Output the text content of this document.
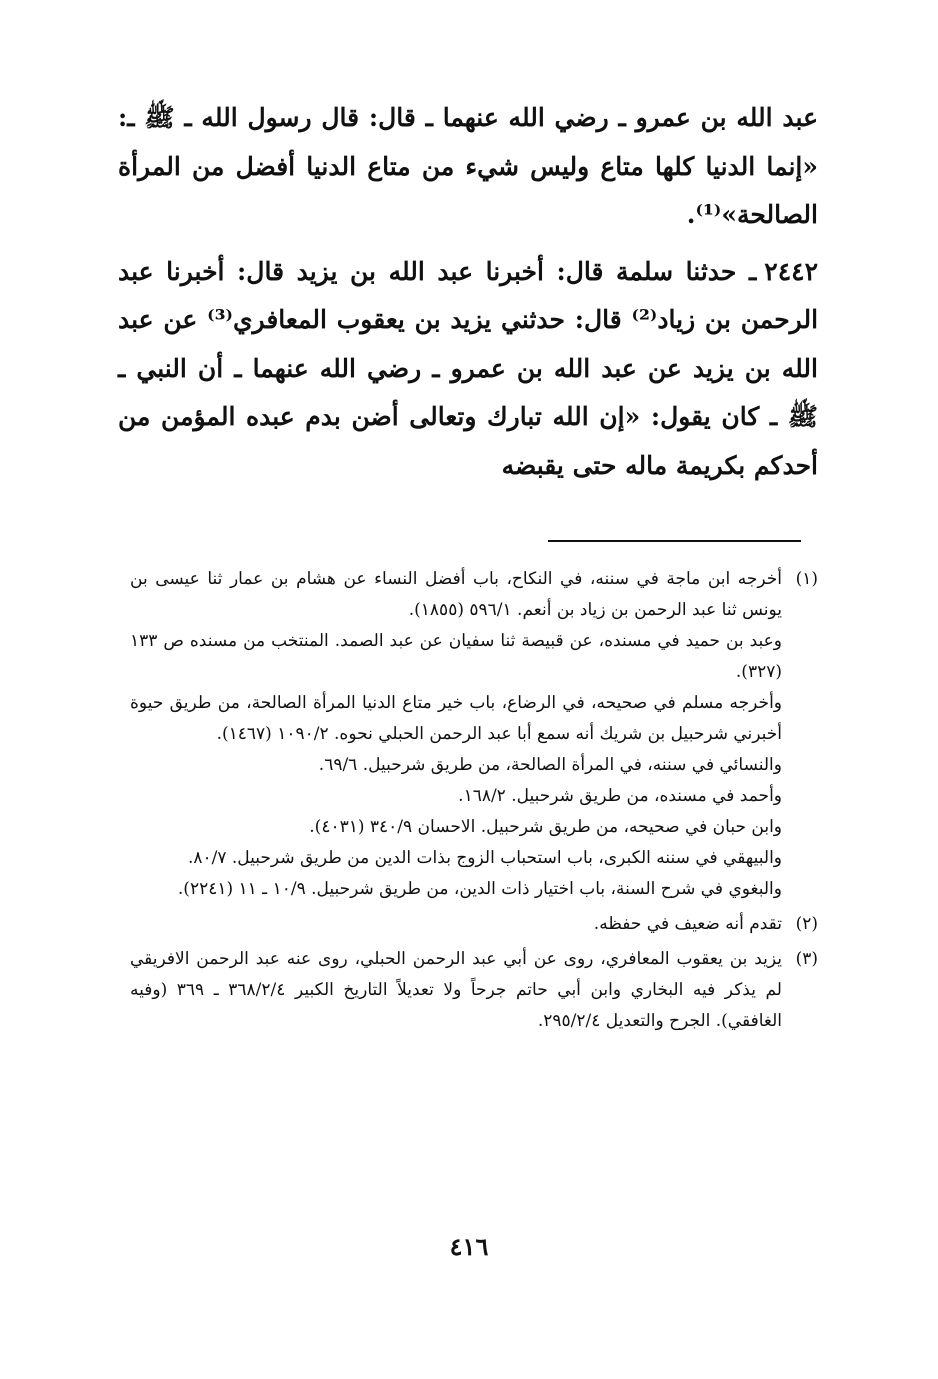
عبد الله بن عمرو ـ رضي الله عنهما ـ قال: قال رسول الله ـ ﷺ ـ: «إنما الدنيا كلها متاع وليس شيء من متاع الدنيا أفضل من المرأة الصالحة»⁽¹⁾.

٢٤٤٢ـ حدثنا سلمة قال: أخبرنا عبد الله بن يزيد قال: أخبرنا عبد الرحمن بن زياد⁽²⁾ قال: حدثني يزيد بن يعقوب المعافري⁽³⁾ عن عبد الله بن يزيد عن عبد الله بن عمرو ـ رضي الله عنهما ـ أن النبي ـ ﷺ ـ كان يقول: «إن الله تبارك وتعالى أضن بدم عبده المؤمن من أحدكم بكريمة ماله حتى يقبضه

(١)

أخرجه ابن ماجة في سننه، في النكاح، باب أفضل النساء عن هشام بن عمار ثنا عيسى بن يونس ثنا عبد الرحمن بن زياد بن أنعم. ٥٩٦/١ (١٨٥٥).

وعبد بن حميد في مسنده، عن قبيصة ثنا سفيان عن عبد الصمد. المنتخب من مسنده ص ١٣٣ (٣٢٧).

وأخرجه مسلم في صحيحه، في الرضاع، باب خير متاع الدنيا المرأة الصالحة، من طريق حيوة أخبرني شرحبيل بن شريك أنه سمع أبا عبد الرحمن الحبلي نحوه. ١٠٩٠/٢ (١٤٦٧).

والنسائي في سننه، في المرأة الصالحة، من طريق شرحبيل. ٦٩/٦.

وأحمد في مسنده، من طريق شرحبيل. ١٦٨/٢.

وابن حبان في صحيحه، من طريق شرحبيل. الاحسان ٣٤٠/٩ (٤٠٣١).

والبيهقي في سننه الكبرى، باب استحباب الزوج بذات الدين من طريق شرحبيل. ٨٠/٧.

والبغوي في شرح السنة، باب اختيار ذات الدين، من طريق شرحبيل. ١٠/٩ ـ ١١ (٢٢٤١).

(٢)

تقدم أنه ضعيف في حفظه.

(٣)

يزيد بن يعقوب المعافري، روى عن أبي عبد الرحمن الحبلي، روى عنه عبد الرحمن الافريقي لم يذكر فيه البخاري وابن أبي حاتم جرحاً ولا تعديلاً التاريخ الكبير ٣٦٨/٢/٤ ـ ٣٦٩ (وفيه الغافقي). الجرح والتعديل ٢٩٥/٢/٤.

٤١٦
